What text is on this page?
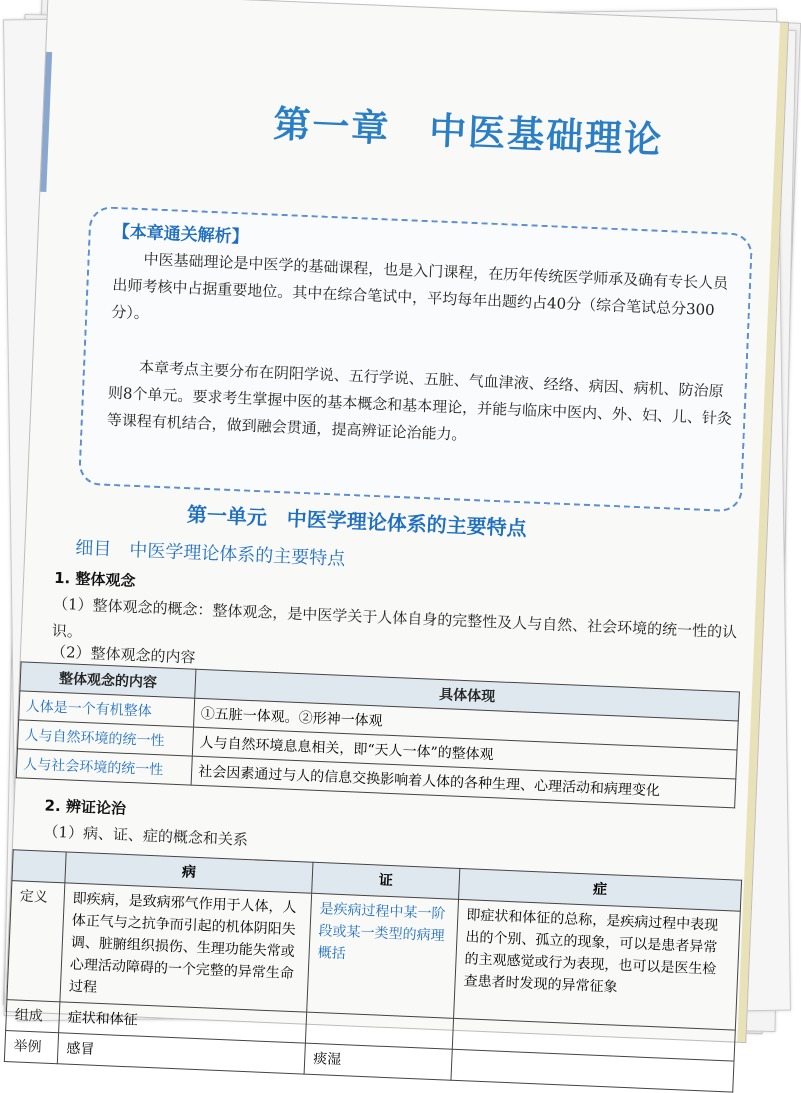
第一章　中医基础理论
【本章通关解析】

中医基础理论是中医学的基础课程，也是入门课程，在历年传统医学师承及确有专长人员出师考核中占据重要地位。其中在综合笔试中，平均每年出题约占40分（综合笔试总分300分）。

本章考点主要分布在阴阳学说、五行学说、五脏、气血津液、经络、病因、病机、防治原则8个单元。要求考生掌握中医的基本概念和基本理论，并能与临床中医内、外、妇、儿、针灸等课程有机结合，做到融会贯通，提高辨证论治能力。

第一单元　中医学理论体系的主要特点
细目　中医学理论体系的主要特点
1. 整体观念

（1）整体观念的概念：整体观念，是中医学关于人体自身的完整性及人与自然、社会环境的统一性的认识。

（2）整体观念的内容

整体观念的内容	具体体现
人体是一个有机整体	①五脏一体观。②形神一体观
人与自然环境的统一性	人与自然环境息息相关，即“天人一体”的整体观
人与社会环境的统一性	社会因素通过与人的信息交换影响着人体的各种生理、心理活动和病理变化
2. 辨证论治

（1）病、证、症的概念和关系

	病	证	症
定义	即疾病，是致病邪气作用于人体，人体正气与之抗争而引起的机体阴阳失调、脏腑组织损伤、生理功能失常或心理活动障碍的一个完整的异常生命过程	是疾病过程中某一阶段或某一类型的病理概括	即症状和体征的总称，是疾病过程中表现出的个别、孤立的现象，可以是患者异常的主观感觉或行为表现，也可以是医生检查患者时发现的异常征象
组成	症状和体征		
举例	感冒	痰湿	
